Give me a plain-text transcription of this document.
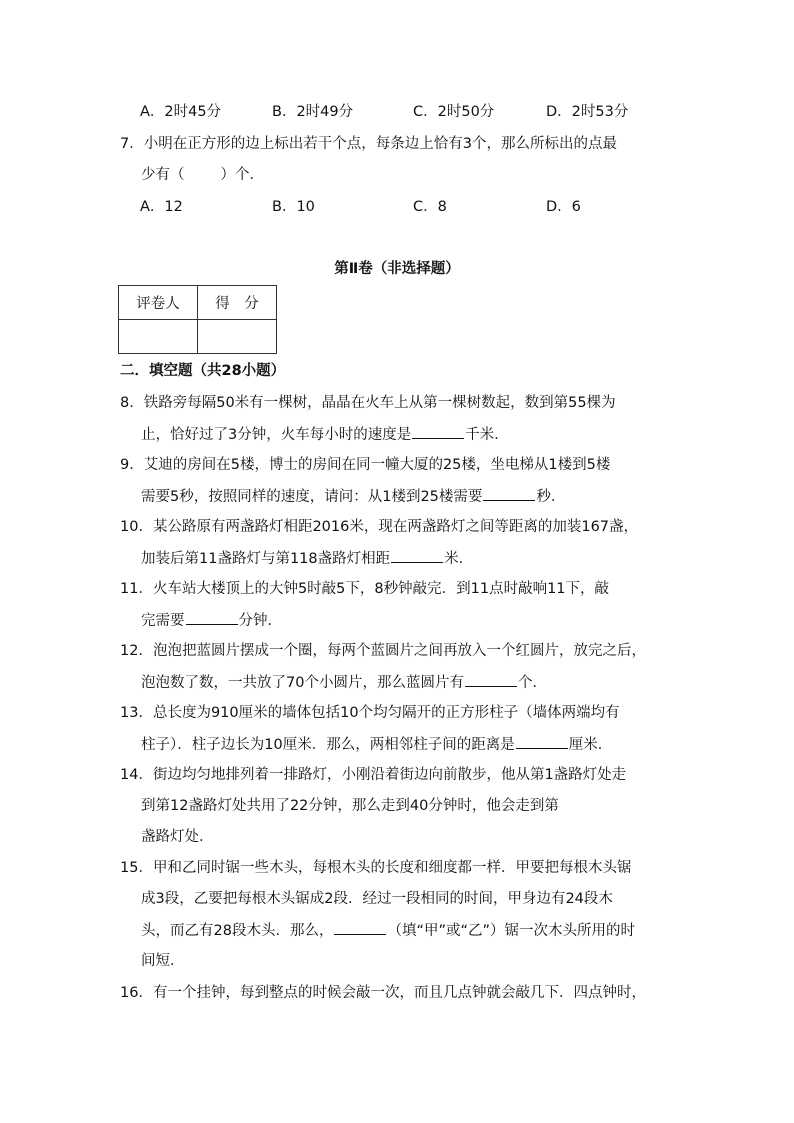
A．2时45分	B．2时49分	C．2时50分	D．2时53分
7．小明在正方形的边上标出若干个点，每条边上恰有3个，那么所标出的点最
少有（ ）个．
A．12	B．10	C．8	D．6
第Ⅱ卷（非选择题）
评卷人	得　分

二．填空题（共28小题）
8．铁路旁每隔50米有一棵树，晶晶在火车上从第一棵树数起，数到第55棵为
止，恰好过了3分钟，火车每小时的速度是	千米．
9．艾迪的房间在5楼，博士的房间在同一幢大厦的25楼，坐电梯从1楼到5楼
需要5秒，按照同样的速度，请问：从1楼到25楼需要	秒．
10．某公路原有两盏路灯相距2016米，现在两盏路灯之间等距离的加装167盏，
加装后第11盏路灯与第118盏路灯相距	米．
11．火车站大楼顶上的大钟5时敲5下，8秒钟敲完．到11点时敲响11下，敲
完需要	分钟．
12．泡泡把蓝圆片摆成一个圈，每两个蓝圆片之间再放入一个红圆片，放完之后，
泡泡数了数，一共放了70个小圆片，那么蓝圆片有	个．
13．总长度为910厘米的墙体包括10个均匀隔开的正方形柱子（墙体两端均有
柱子）．柱子边长为10厘米．那么，两相邻柱子间的距离是	厘米．
14．街边均匀地排列着一排路灯，小刚沿着街边向前散步，他从第1盏路灯处走
到第12盏路灯处共用了22分钟，那么走到40分钟时，他会走到第
盏路灯处．
15．甲和乙同时锯一些木头，每根木头的长度和细度都一样．甲要把每根木头锯
成3段，乙要把每根木头锯成2段．经过一段相同的时间，甲身边有24段木
头，而乙有28段木头．那么，	（填“甲”或“乙”）锯一次木头所用的时
间短．
16．有一个挂钟，每到整点的时候会敲一次，而且几点钟就会敲几下．四点钟时，
